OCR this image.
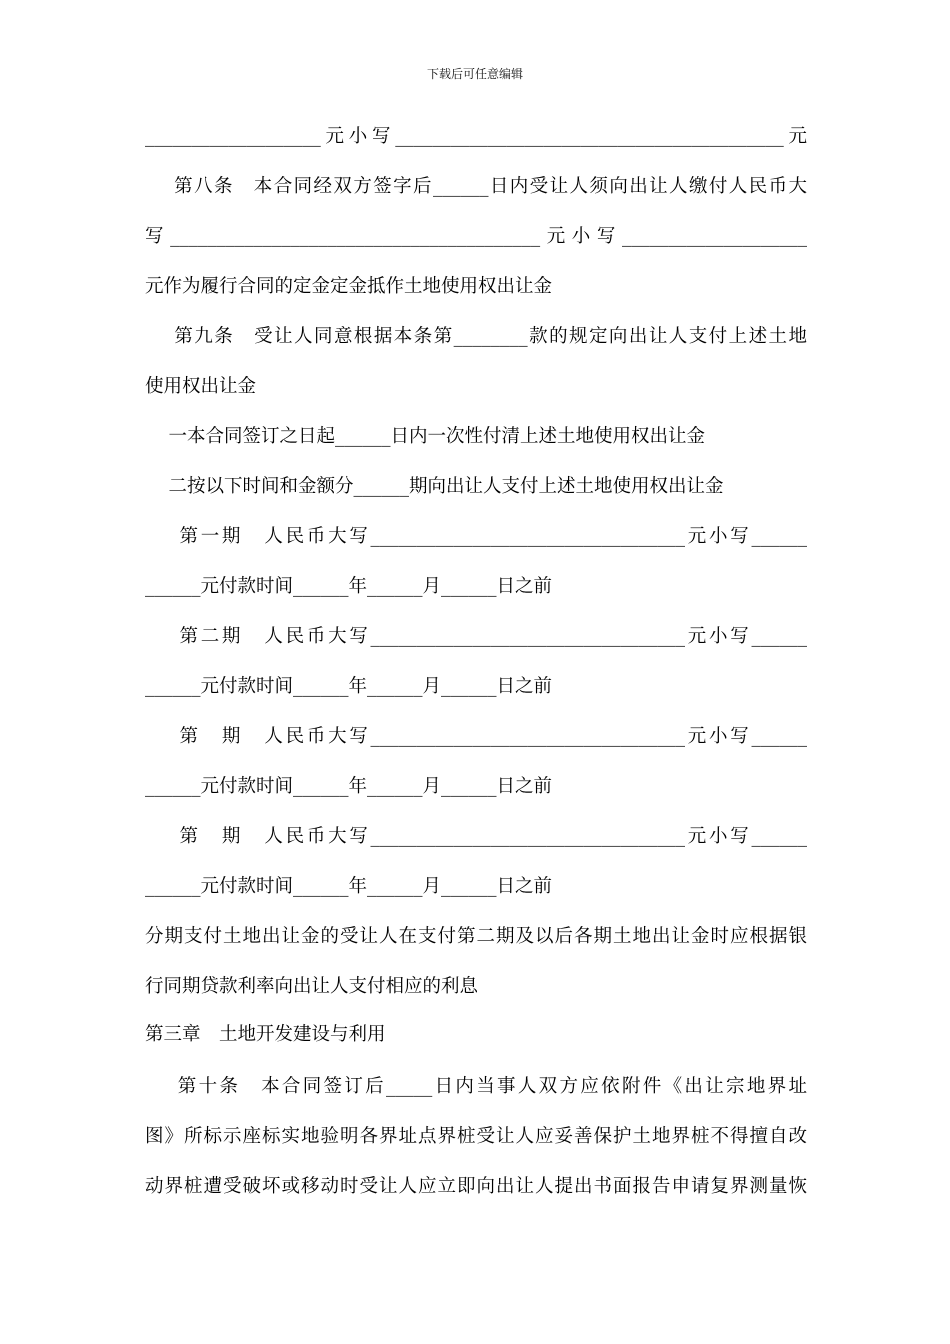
下载后可任意编辑
___________________元小写__________________________________________元
第八条　本合同经双方签字后______日内受让人须向出让人缴付人民币大
写________________________________________元小写____________________
元作为履行合同的定金定金抵作土地使用权出让金
第九条　受让人同意根据本条第________款的规定向出让人支付上述土地
使用权出让金
一本合同签订之日起______日内一次性付清上述土地使用权出让金
二按以下时间和金额分______期向出让人支付上述土地使用权出让金
第一期　人民币大写__________________________________元小写______
______元付款时间______年______月______日之前
第二期　人民币大写__________________________________元小写______
______元付款时间______年______月______日之前
第　期　人民币大写__________________________________元小写______
______元付款时间______年______月______日之前
第　期　人民币大写__________________________________元小写______
______元付款时间______年______月______日之前
分期支付土地出让金的受让人在支付第二期及以后各期土地出让金时应根据银
行同期贷款利率向出让人支付相应的利息
第三章　土地开发建设与利用
第十条　本合同签订后_____日内当事人双方应依附件《出让宗地界址
图》所标示座标实地验明各界址点界桩受让人应妥善保护土地界桩不得擅自改
动界桩遭受破坏或移动时受让人应立即向出让人提出书面报告申请复界测量恢
